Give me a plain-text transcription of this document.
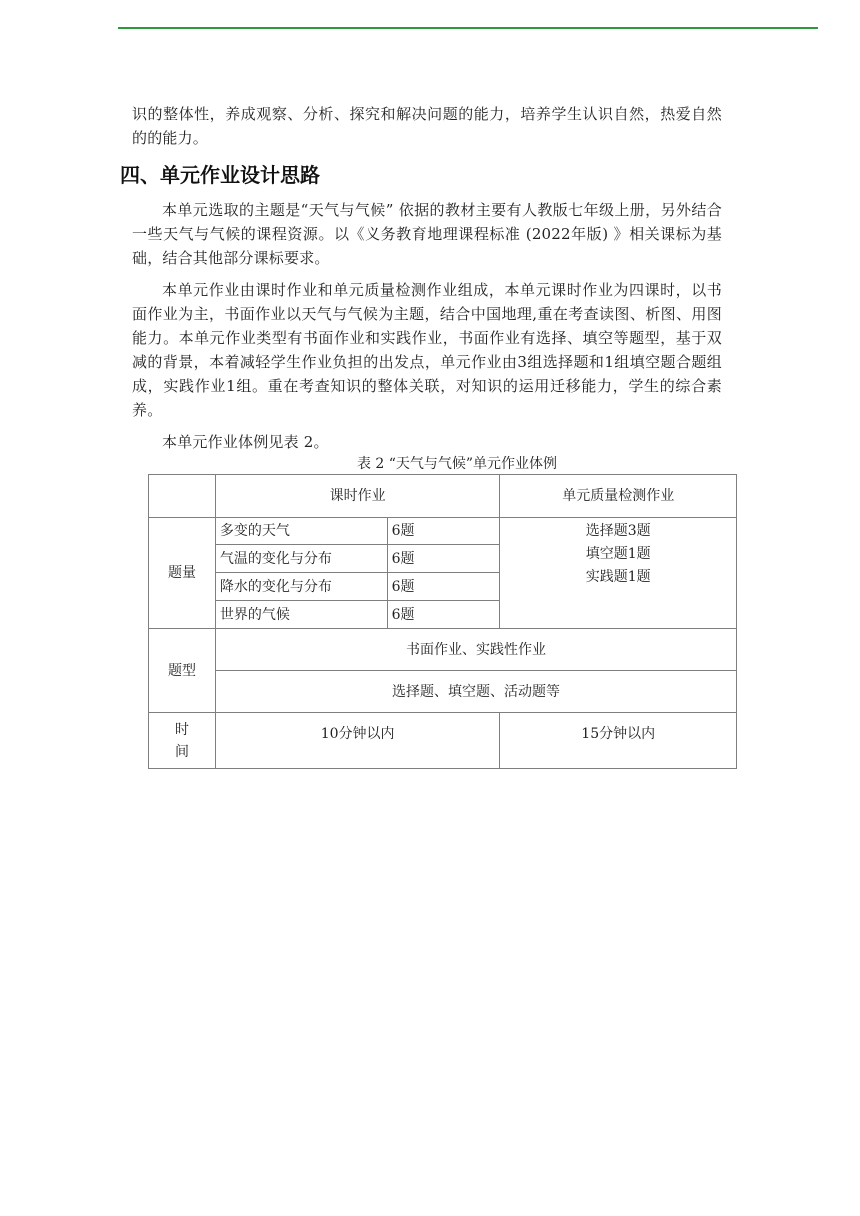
识的整体性，养成观察、分析、探究和解决问题的能力，培养学生认识自然，热爱自然的的能力。

四、单元作业设计思路

本单元选取的主题是“天气与气候” 依据的教材主要有人教版七年级上册，另外结合一些天气与气候的课程资源。以《义务教育地理课程标准 (2022年版) 》相关课标为基础，结合其他部分课标要求。

本单元作业由课时作业和单元质量检测作业组成，本单元课时作业为四课时，以书面作业为主，书面作业以天气与气候为主题，结合中国地理,重在考查读图、析图、用图能力。本单元作业类型有书面作业和实践作业，书面作业有选择、填空等题型，基于双减的背景，本着减轻学生作业负担的出发点，单元作业由3组选择题和1组填空题合题组成，实践作业1组。重在考查知识的整体关联，对知识的运用迁移能力，学生的综合素养。

本单元作业体例见表 2。

表 2 “天气与气候”单元作业体例

	课时作业		单元质量检测作业
题量	多变的天气	6题	选择题3题
填空题1题
实践题1题

	气温的变化与分布	6题	
	降水的变化与分布	6题	
	世界的气候	6题	
题型	书面作业、实践性作业		
	选择题、填空题、活动题等		

时
间	10分钟以内		15分钟以内
